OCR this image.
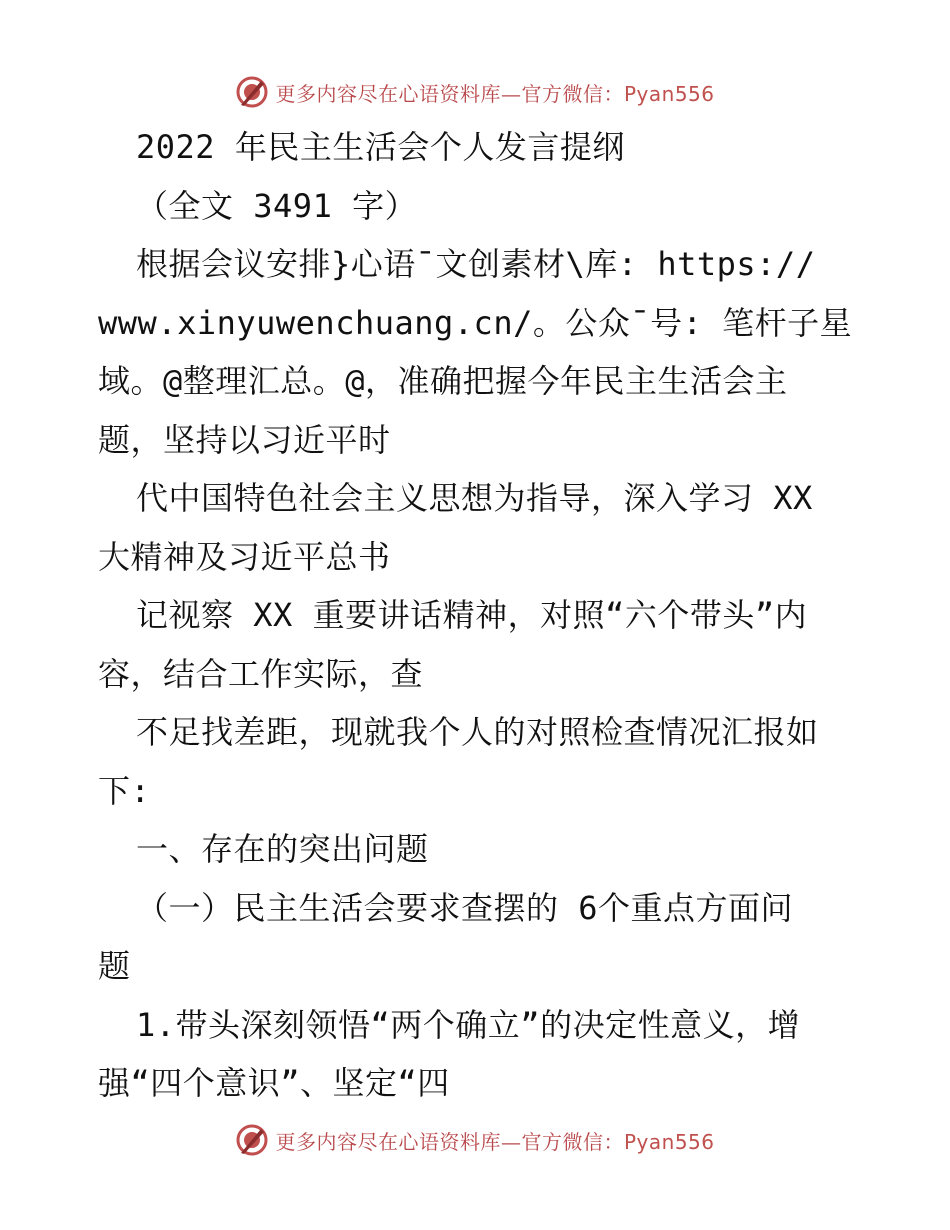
更多内容尽在心语资料库—官方微信：Pyan556
2022 年民主生活会个人发言提纲
（全文 3491 字）
根据会议安排}心语¯文创素材\库: https://
www.xinyuwenchuang.cn/。公众¯号: 笔杆子星
域。@整理汇总。@，准确把握今年民主生活会主
题，坚持以习近平时
代中国特色社会主义思想为指导，深入学习 XX
大精神及习近平总书
记视察 XX 重要讲话精神，对照“六个带头”内
容，结合工作实际，查
不足找差距，现就我个人的对照检查情况汇报如
下:
一、存在的突出问题
（一）民主生活会要求查摆的 6个重点方面问
题
1.带头深刻领悟“两个确立”的决定性意义，增
强“四个意识”、坚定“四
更多内容尽在心语资料库—官方微信：Pyan556
